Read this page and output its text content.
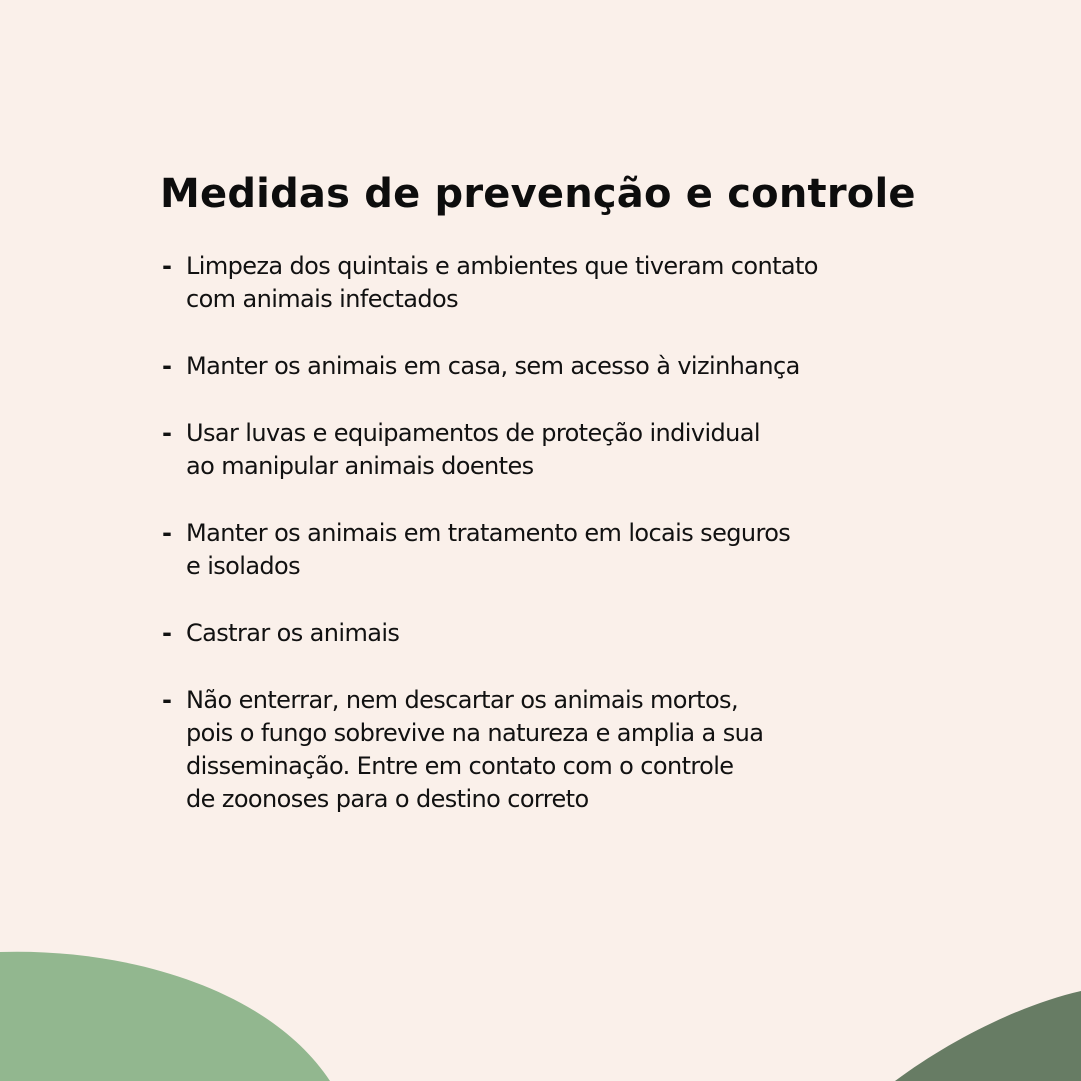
Medidas de prevenção e controle
- Limpeza dos quintais e ambientes que tiveram contato
com animais infectados
- Manter os animais em casa, sem acesso à vizinhança
- Usar luvas e equipamentos de proteção individual
ao manipular animais doentes
- Manter os animais em tratamento em locais seguros
e isolados
- Castrar os animais
- Não enterrar, nem descartar os animais mortos,
pois o fungo sobrevive na natureza e amplia a sua
disseminação. Entre em contato com o controle
de zoonoses para o destino correto
